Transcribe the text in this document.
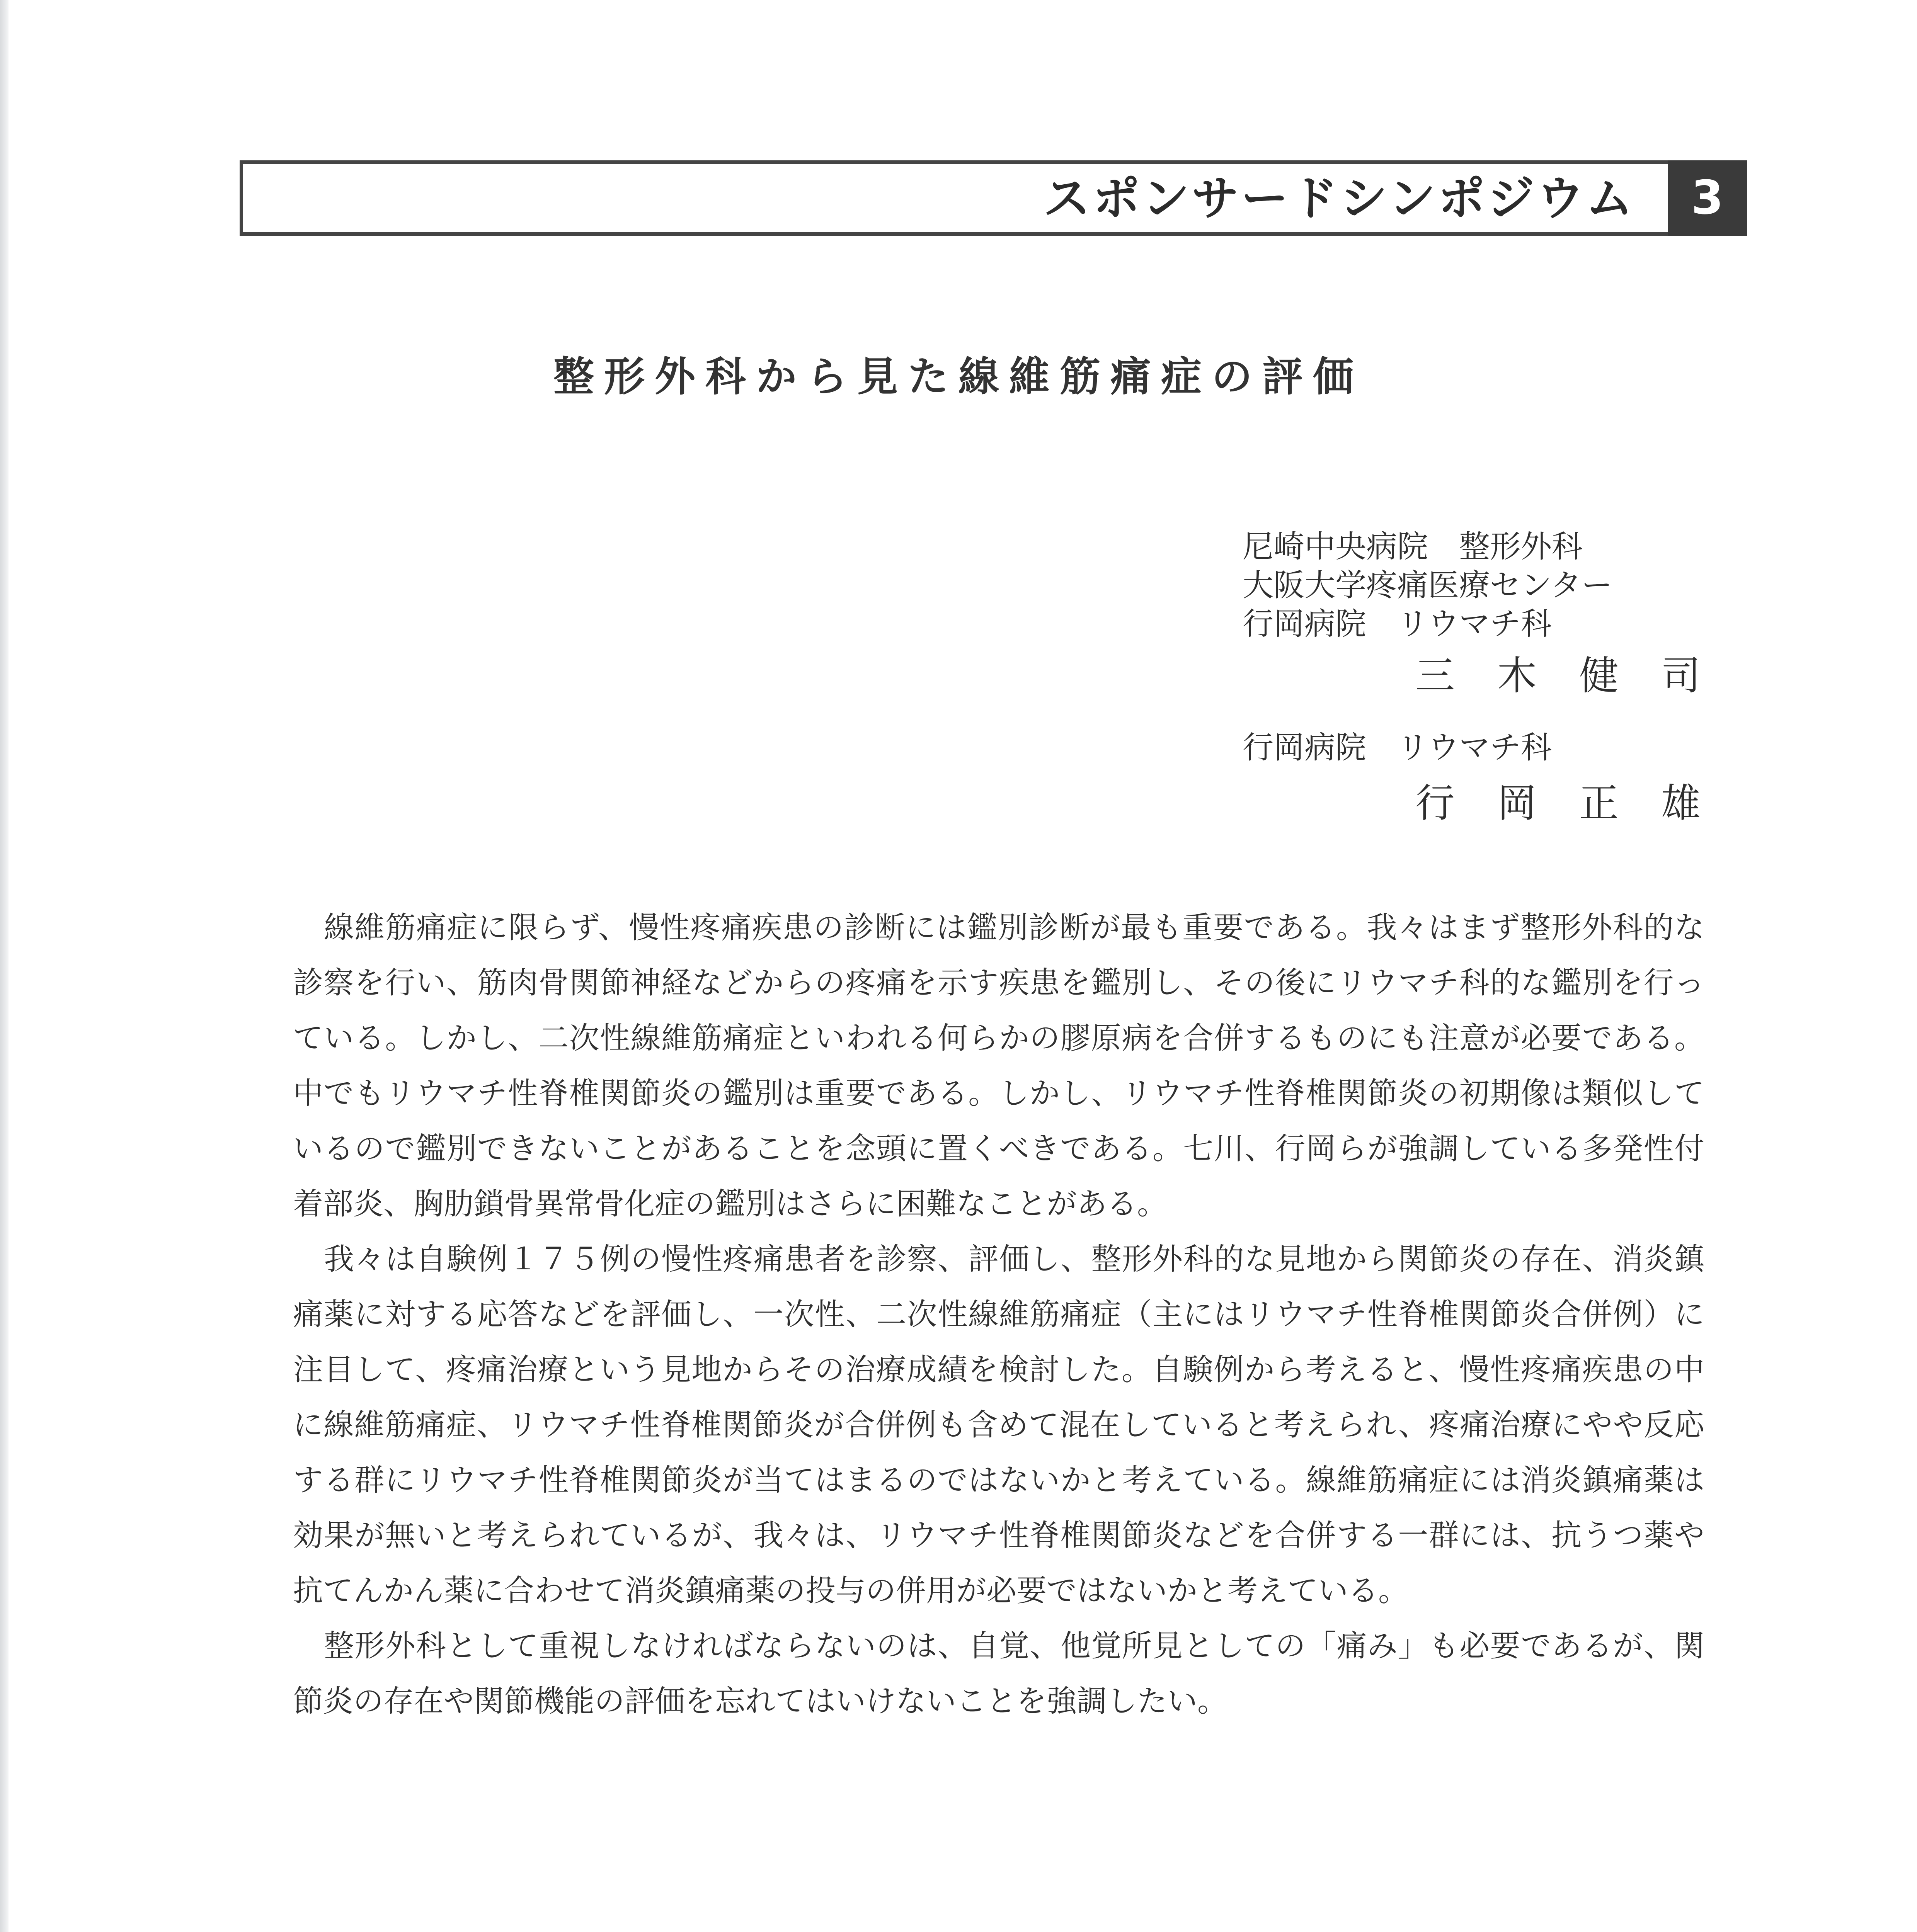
スポンサードシンポジウム	3
整形外科から見た線維筋痛症の評価
尼崎中央病院　整形外科
大阪大学疼痛医療センター
行岡病院　リウマチ科
三木健司
行岡病院　リウマチ科
行岡正雄

線維筋痛症に限らず、慢性疼痛疾患の診断には鑑別診断が最も重要である。我々はまず整形外科的な診察を行い、筋肉骨関節神経などからの疼痛を示す疾患を鑑別し、その後にリウマチ科的な鑑別を行っている。しかし、二次性線維筋痛症といわれる何らかの膠原病を合併するものにも注意が必要である。中でもリウマチ性脊椎関節炎の鑑別は重要である。しかし、リウマチ性脊椎関節炎の初期像は類似しているので鑑別できないことがあることを念頭に置くべきである。七川、行岡らが強調している多発性付着部炎、胸肋鎖骨異常骨化症の鑑別はさらに困難なことがある。

我々は自験例１７５例の慢性疼痛患者を診察、評価し、整形外科的な見地から関節炎の存在、消炎鎮痛薬に対する応答などを評価し、一次性、二次性線維筋痛症（主にはリウマチ性脊椎関節炎合併例）に注目して、疼痛治療という見地からその治療成績を検討した。自験例から考えると、慢性疼痛疾患の中に線維筋痛症、リウマチ性脊椎関節炎が合併例も含めて混在していると考えられ、疼痛治療にやや反応する群にリウマチ性脊椎関節炎が当てはまるのではないかと考えている。線維筋痛症には消炎鎮痛薬は効果が無いと考えられているが、我々は、リウマチ性脊椎関節炎などを合併する一群には、抗うつ薬や抗てんかん薬に合わせて消炎鎮痛薬の投与の併用が必要ではないかと考えている。

整形外科として重視しなければならないのは、自覚、他覚所見としての「痛み」も必要であるが、関節炎の存在や関節機能の評価を忘れてはいけないことを強調したい。
